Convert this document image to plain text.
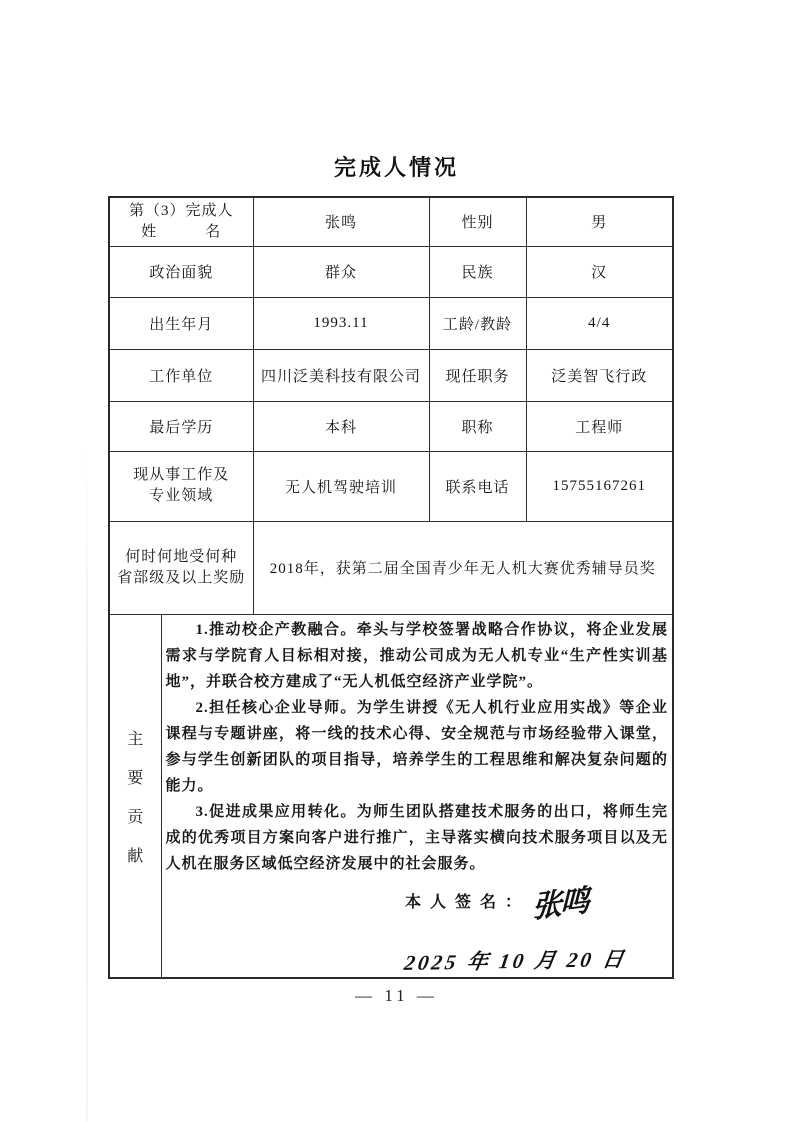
完成人情况
第（3）完成人
姓　　　名		张鸣	性别	男
政治面貌		群众	民族	汉
出生年月		1993.11	工龄/教龄	4/4
工作单位		四川泛美科技有限公司	现任职务	泛美智飞行政
最后学历		本科	职称	工程师

现从事工作及
专业领域		无人机驾驶培训	联系电话	15755167261

何时何地受何种
省部级及以上奖励		2018年，获第二届全国青少年无人机大赛优秀辅导员奖		

主
要
贡
献

1.推动校企产教融合。牵头与学校签署战略合作协议，将企业发展需求与学院育人目标相对接，推动公司成为无人机专业“生产性实训基地”，并联合校方建成了“无人机低空经济产业学院”。

2.担任核心企业导师。为学生讲授《无人机行业应用实战》等企业课程与专题讲座，将一线的技术心得、安全规范与市场经验带入课堂，参与学生创新团队的项目指导，培养学生的工程思维和解决复杂问题的能力。

3.促进成果应用转化。为师生团队搭建技术服务的出口，将师生完成的优秀项目方案向客户进行推广，主导落实横向技术服务项目以及无人机在服务区域低空经济发展中的社会服务。

本人签名： 张鸣
2025 年 10 月 20 日
— 11 —
